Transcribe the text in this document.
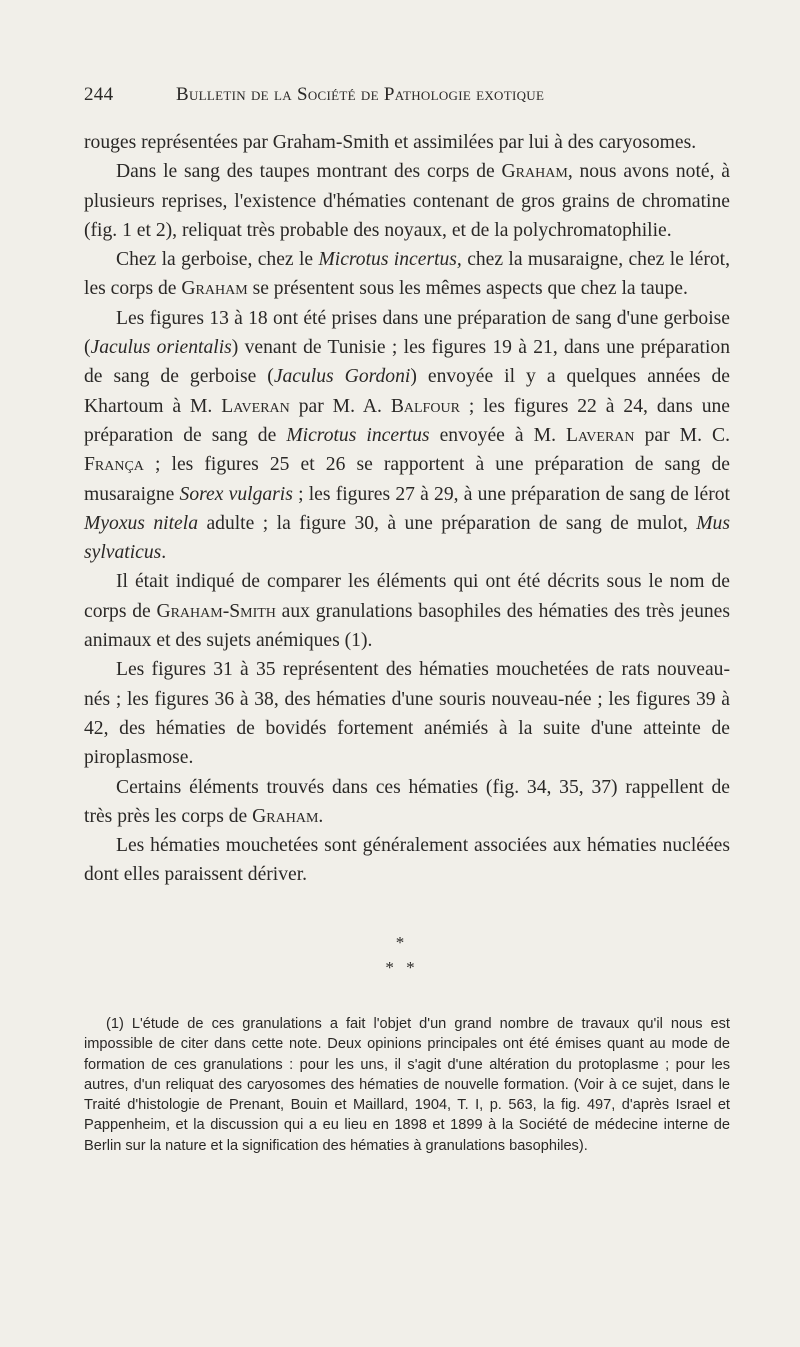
244	Bulletin de la Société de Pathologie exotique

rouges représentées par Graham-Smith et assimilées par lui à des caryosomes.

Dans le sang des taupes montrant des corps de Graham, nous avons noté, à plusieurs reprises, l'existence d'hématies contenant de gros grains de chromatine (fig. 1 et 2), reliquat très probable des noyaux, et de la polychromatophilie.

Chez la gerboise, chez le Microtus incertus, chez la musaraigne, chez le lérot, les corps de Graham se présentent sous les mêmes aspects que chez la taupe.

Les figures 13 à 18 ont été prises dans une préparation de sang d'une gerboise (Jaculus orientalis) venant de Tunisie ; les figures 19 à 21, dans une préparation de sang de gerboise (Jaculus Gordoni) envoyée il y a quelques années de Khartoum à M. Laveran par M. A. Balfour ; les figures 22 à 24, dans une préparation de sang de Microtus incertus envoyée à M. Laveran par M. C. França ; les figures 25 et 26 se rapportent à une préparation de sang de musaraigne Sorex vulgaris ; les figures 27 à 29, à une préparation de sang de lérot Myoxus nitela adulte ; la figure 30, à une préparation de sang de mulot, Mus sylvaticus.

Il était indiqué de comparer les éléments qui ont été décrits sous le nom de corps de Graham-Smith aux granulations basophiles des hématies des très jeunes animaux et des sujets anémiques (1).

Les figures 31 à 35 représentent des hématies mouchetées de rats nouveau-nés ; les figures 36 à 38, des hématies d'une souris nouveau-née ; les figures 39 à 42, des hématies de bovidés fortement anémiés à la suite d'une atteinte de piroplasmose.

Certains éléments trouvés dans ces hématies (fig. 34, 35, 37) rappellent de très près les corps de Graham.

Les hématies mouchetées sont généralement associées aux hématies nucléées dont elles paraissent dériver.

*
* *
(1) L'étude de ces granulations a fait l'objet d'un grand nombre de travaux qu'il nous est impossible de citer dans cette note. Deux opinions principales ont été émises quant au mode de formation de ces granulations : pour les uns, il s'agit d'une altération du protoplasme ; pour les autres, d'un reliquat des caryosomes des hématies de nouvelle formation. (Voir à ce sujet, dans le Traité d'histologie de Prenant, Bouin et Maillard, 1904, T. I, p. 563, la fig. 497, d'après Israel et Pappenheim, et la discussion qui a eu lieu en 1898 et 1899 à la Société de médecine interne de Berlin sur la nature et la signification des hématies à granulations basophiles).
